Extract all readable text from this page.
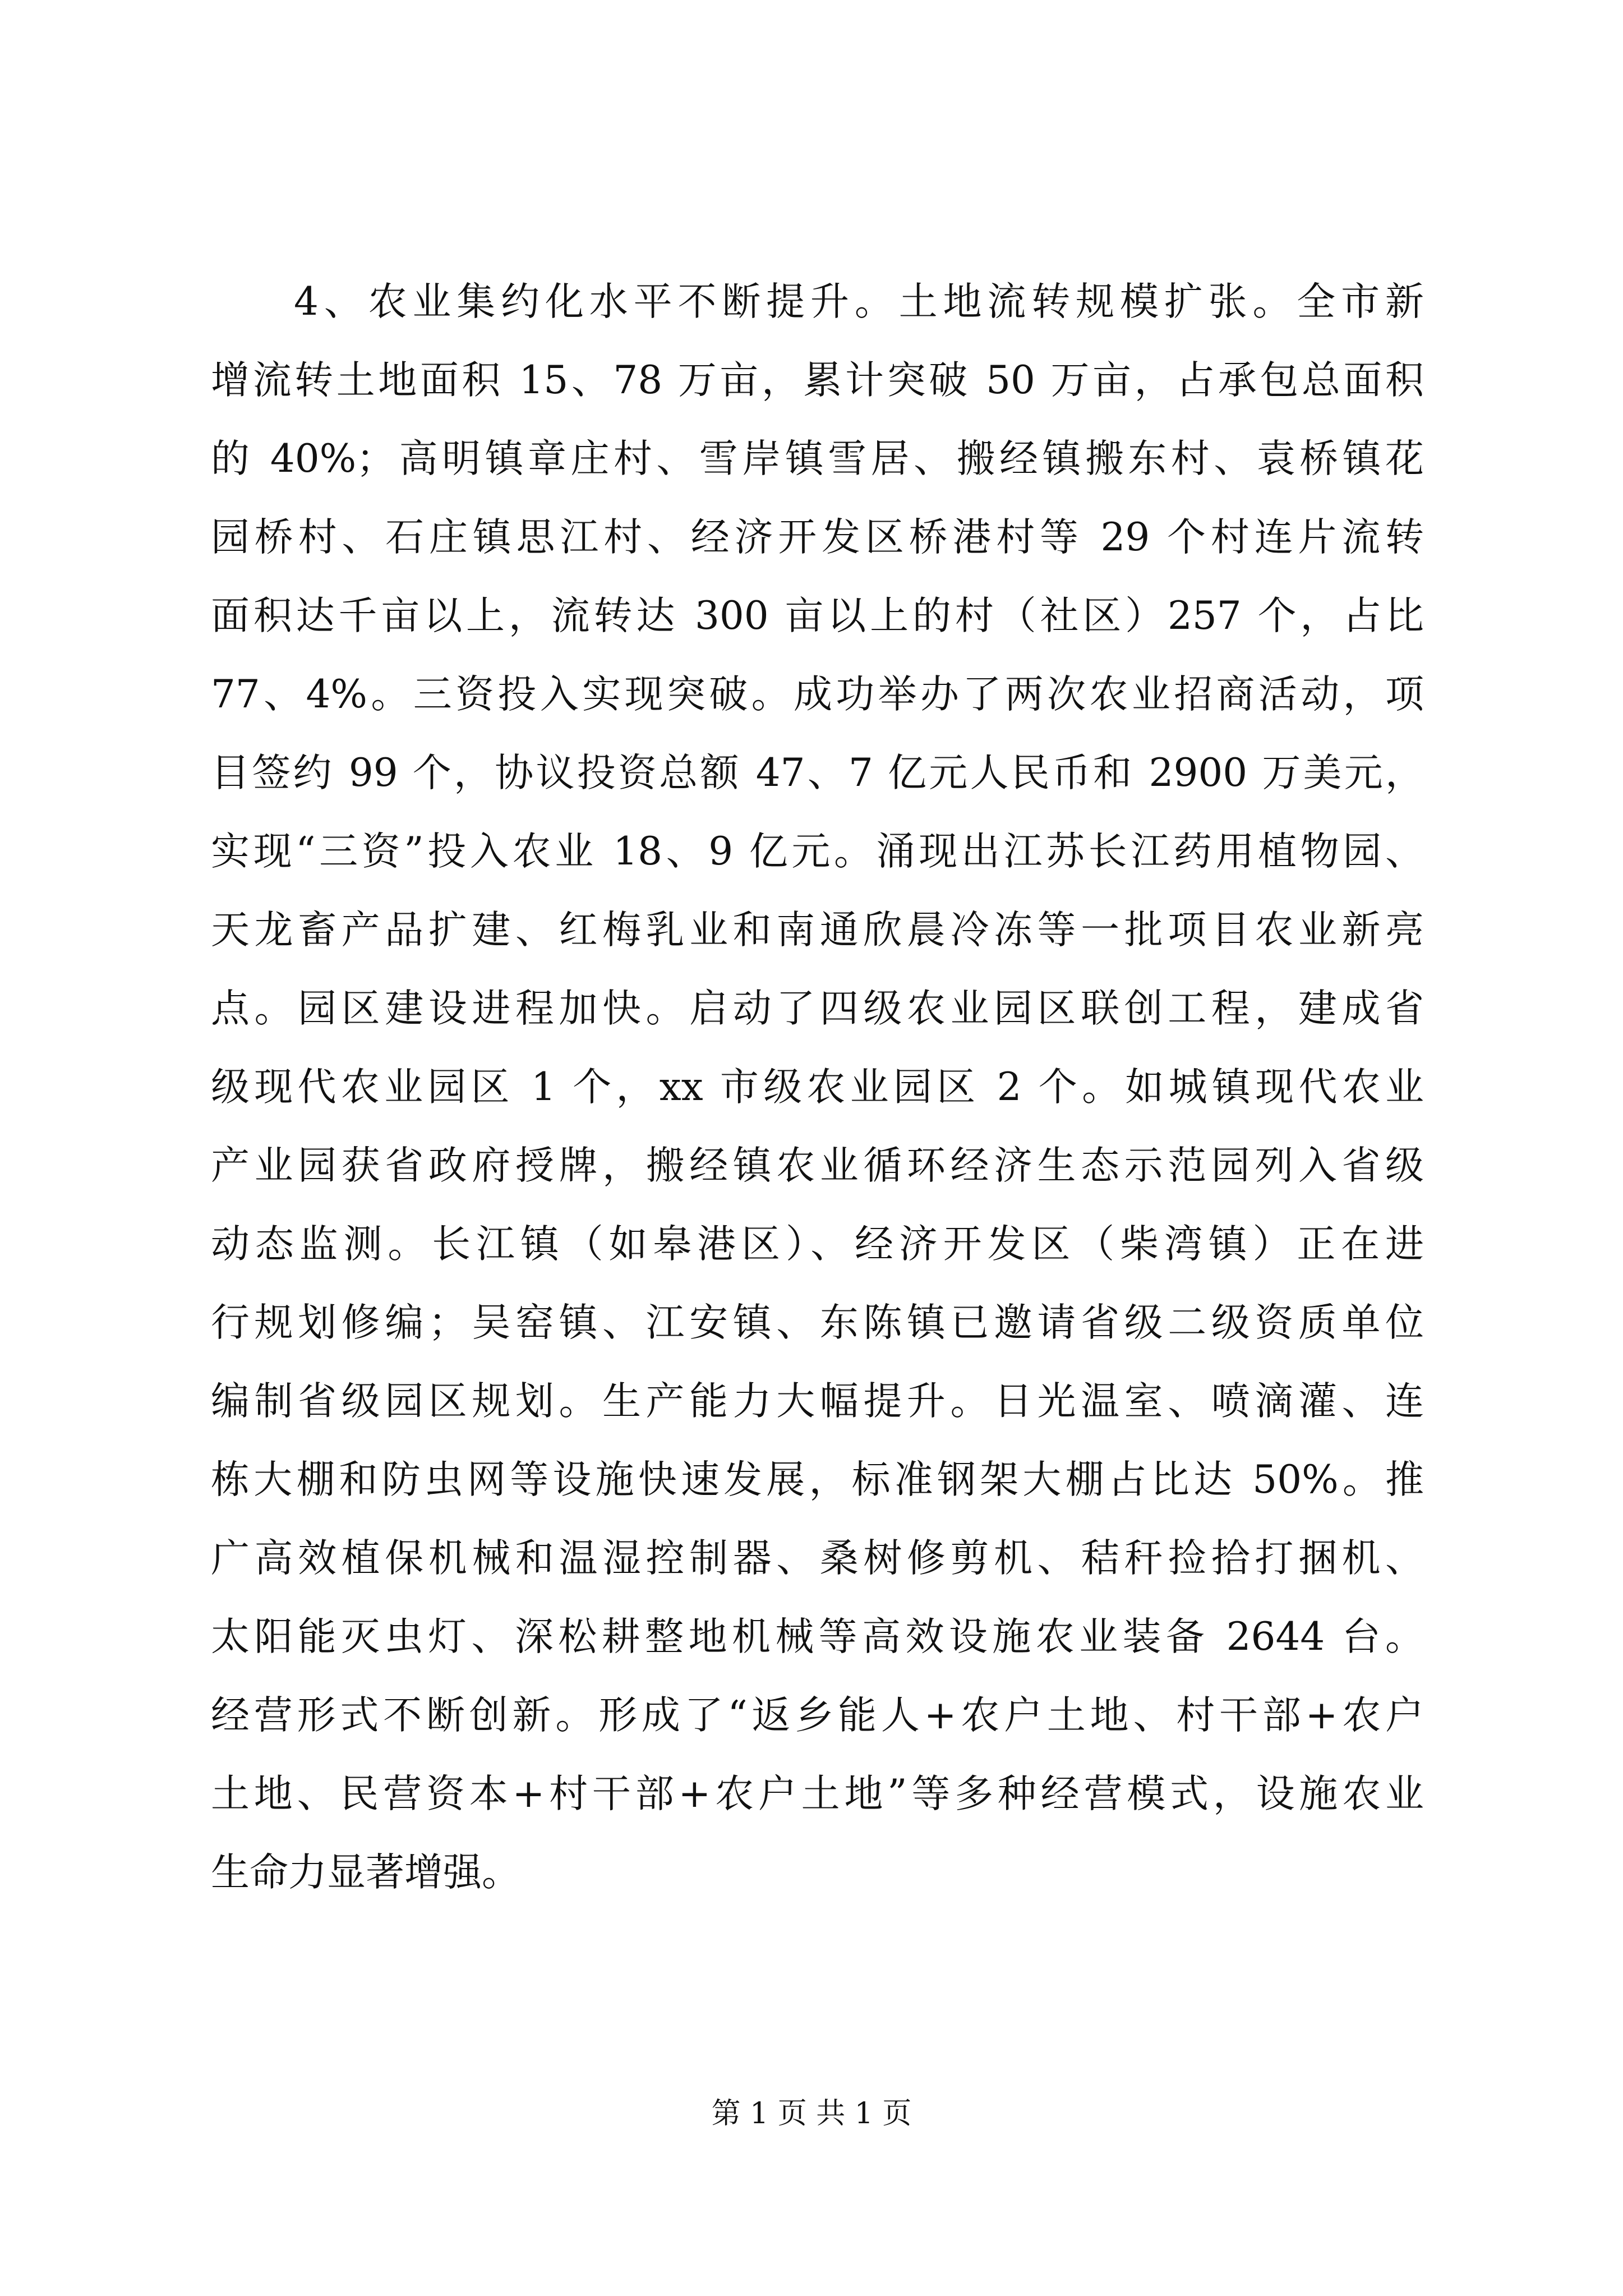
4、农业集约化水平不断提升。土地流转规模扩张。全市新
增流转土地面积 15、78 万亩，累计突破 50 万亩，占承包总面积
的 40%；高明镇章庄村、雪岸镇雪居、搬经镇搬东村、袁桥镇花
园桥村、石庄镇思江村、经济开发区桥港村等 29 个村连片流转
面积达千亩以上，流转达 300 亩以上的村（社区）257 个，占比
77、4%。三资投入实现突破。成功举办了两次农业招商活动，项
目签约 99 个，协议投资总额 47、7 亿元人民币和 2900 万美元，
实现“三资”投入农业 18、9 亿元。涌现出江苏长江药用植物园、
天龙畜产品扩建、红梅乳业和南通欣晨冷冻等一批项目农业新亮
点。园区建设进程加快。启动了四级农业园区联创工程，建成省
级现代农业园区 1 个，xx 市级农业园区 2 个。如城镇现代农业
产业园获省政府授牌，搬经镇农业循环经济生态示范园列入省级
动态监测。长江镇（如皋港区）、经济开发区（柴湾镇）正在进
行规划修编；吴窑镇、江安镇、东陈镇已邀请省级二级资质单位
编制省级园区规划。生产能力大幅提升。日光温室、喷滴灌、连
栋大棚和防虫网等设施快速发展，标准钢架大棚占比达 50%。推
广高效植保机械和温湿控制器、桑树修剪机、秸秆捡拾打捆机、
太阳能灭虫灯、深松耕整地机械等高效设施农业装备 2644 台。
经营形式不断创新。形成了“返乡能人+农户土地、村干部+农户
土地、民营资本+村干部+农户土地”等多种经营模式，设施农业
生命力显著增强。
第 1 页 共 1 页
